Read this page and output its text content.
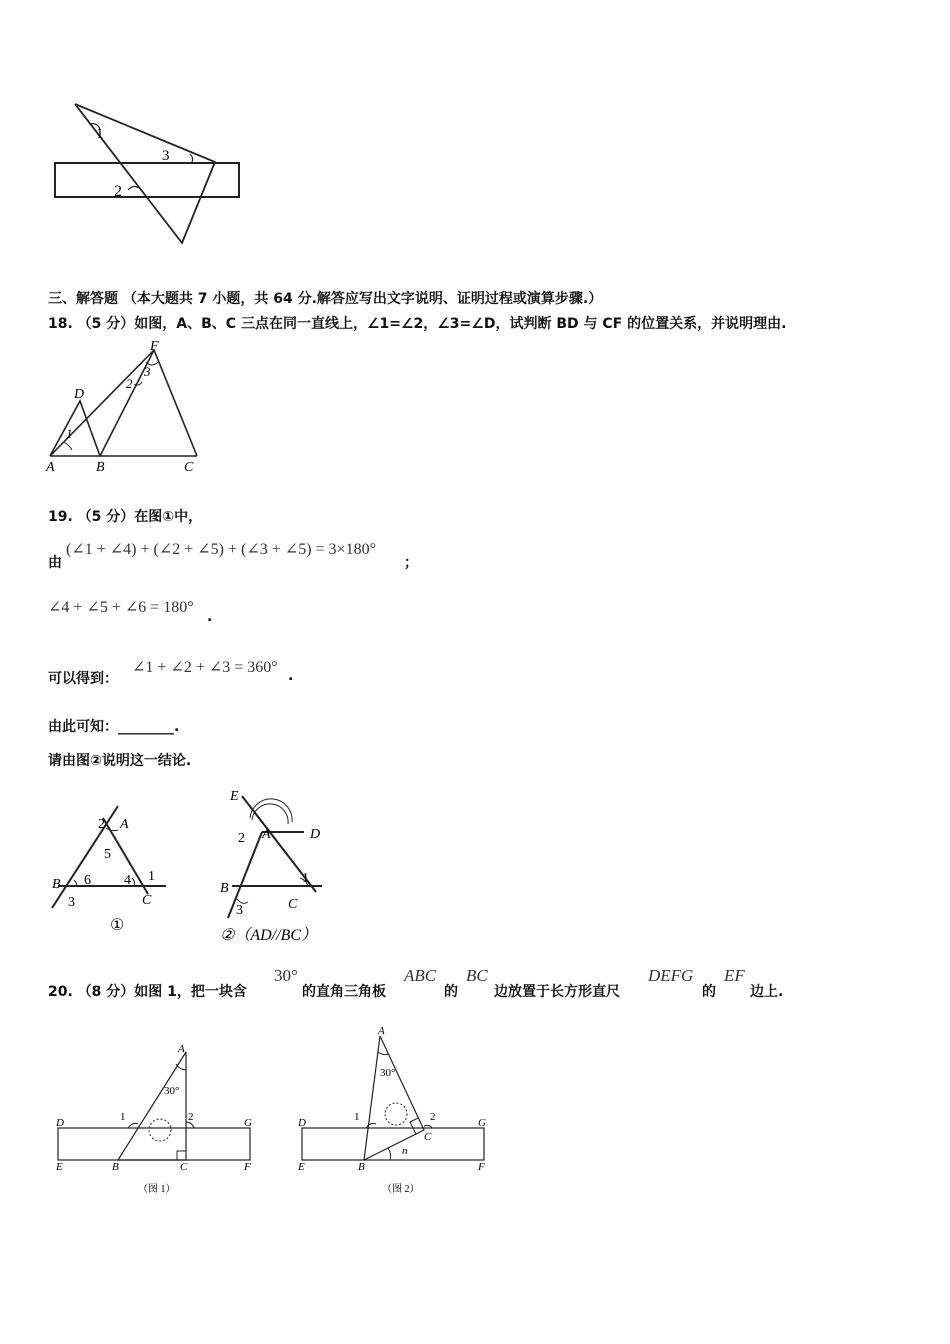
1
2
3
三、解答题 （本大题共 7 小题，共 64 分.解答应写出文字说明、证明过程或演算步骤.）
18. （5 分）如图，A、B、C 三点在同一直线上，∠1=∠2，∠3=∠D，试判断 BD 与 CF 的位置关系，并说明理由.
F
D
3
2
1
A	B	C
19. （5 分）在图①中，
由
(∠1 + ∠4) + (∠2 + ∠5) + (∠3 + ∠5) = 3×180°
；
∠4 + ∠5 + ∠6 = 180°
.
可以得到：
∠1 + ∠2 + ∠3 = 360° .
由此可知：________.
请由图②说明这一结论.
2 A
5
B 6 4 1
3	C
①
E
2 A	D
B
1
3	C
②（AD//BC）
20. （8 分）如图 1，把一块含
30°
的直角三角板
ABC
的
BC
边放置于长方形直尺
DEFG
的
EF
边上.
A
30°
1	2
D	G
E	B	C	F
（图 1）
A
30°
1	2
C
D	G
E	B
n
F
（图 2）
